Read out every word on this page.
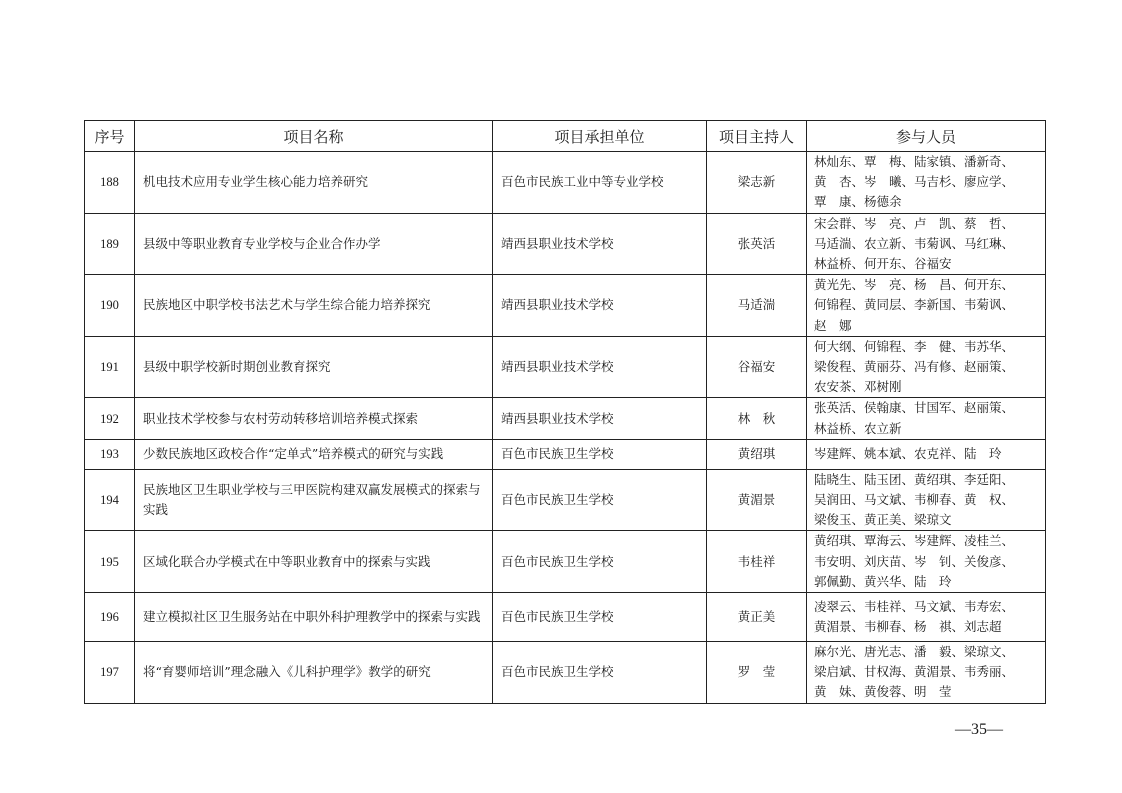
序号	项目名称	项目承担单位	项目主持人	参与人员
188	机电技术应用专业学生核心能力培养研究	百色市民族工业中等专业学校	梁志新	林灿东、覃　梅、陆家镇、潘新奇、
黄　杏、岑　曦、马吉杉、廖应学、
覃　康、杨德余

189	县级中等职业教育专业学校与企业合作办学	靖西县职业技术学校	张英活	宋会群、岑　亮、卢　凯、蔡　哲、
马适湍、农立新、韦菊讽、马红琳、
林益桥、何开东、谷福安

190	民族地区中职学校书法艺术与学生综合能力培养探究	靖西县职业技术学校	马适湍	黄光先、岑　亮、杨　昌、何开东、
何锦程、黄同层、李新国、韦菊讽、
赵　娜

191	县级中职学校新时期创业教育探究	靖西县职业技术学校	谷福安	何大纲、何锦程、李　健、韦苏华、
梁俊程、黄丽芬、冯有修、赵丽策、
农安茶、邓树刚

192	职业技术学校参与农村劳动转移培训培养模式探索	靖西县职业技术学校	林　秋	张英活、侯翰康、甘国军、赵丽策、
林益桥、农立新

193	少数民族地区政校合作“定单式”培养模式的研究与实践	百色市民族卫生学校	黄绍琪	岑建辉、姚本斌、农克祥、陆　玲

194	民族地区卫生职业学校与三甲医院构建双赢发展模式的探索与实践	百色市民族卫生学校	黄湄景	陆晓生、陆玉团、黄绍琪、李廷阳、
吴润田、马文斌、韦柳春、黄　权、
梁俊玉、黄正美、梁琼文

195	区域化联合办学模式在中等职业教育中的探索与实践	百色市民族卫生学校	韦桂祥	黄绍琪、覃海云、岑建辉、凌桂兰、
韦安明、刘庆苗、岑　钊、关俊彦、
郭佩勤、黄兴华、陆　玲

196	建立模拟社区卫生服务站在中职外科护理教学中的探索与实践	百色市民族卫生学校	黄正美	凌翠云、韦桂祥、马文斌、韦寿宏、
黄湄景、韦柳春、杨　祺、刘志超

197	将“育婴师培训”理念融入《儿科护理学》教学的研究	百色市民族卫生学校	罗　莹	麻尔光、唐光志、潘　毅、梁琼文、
梁启斌、甘权海、黄湄景、韦秀丽、
黄　妹、黄俊蓉、明　莹
—35—
